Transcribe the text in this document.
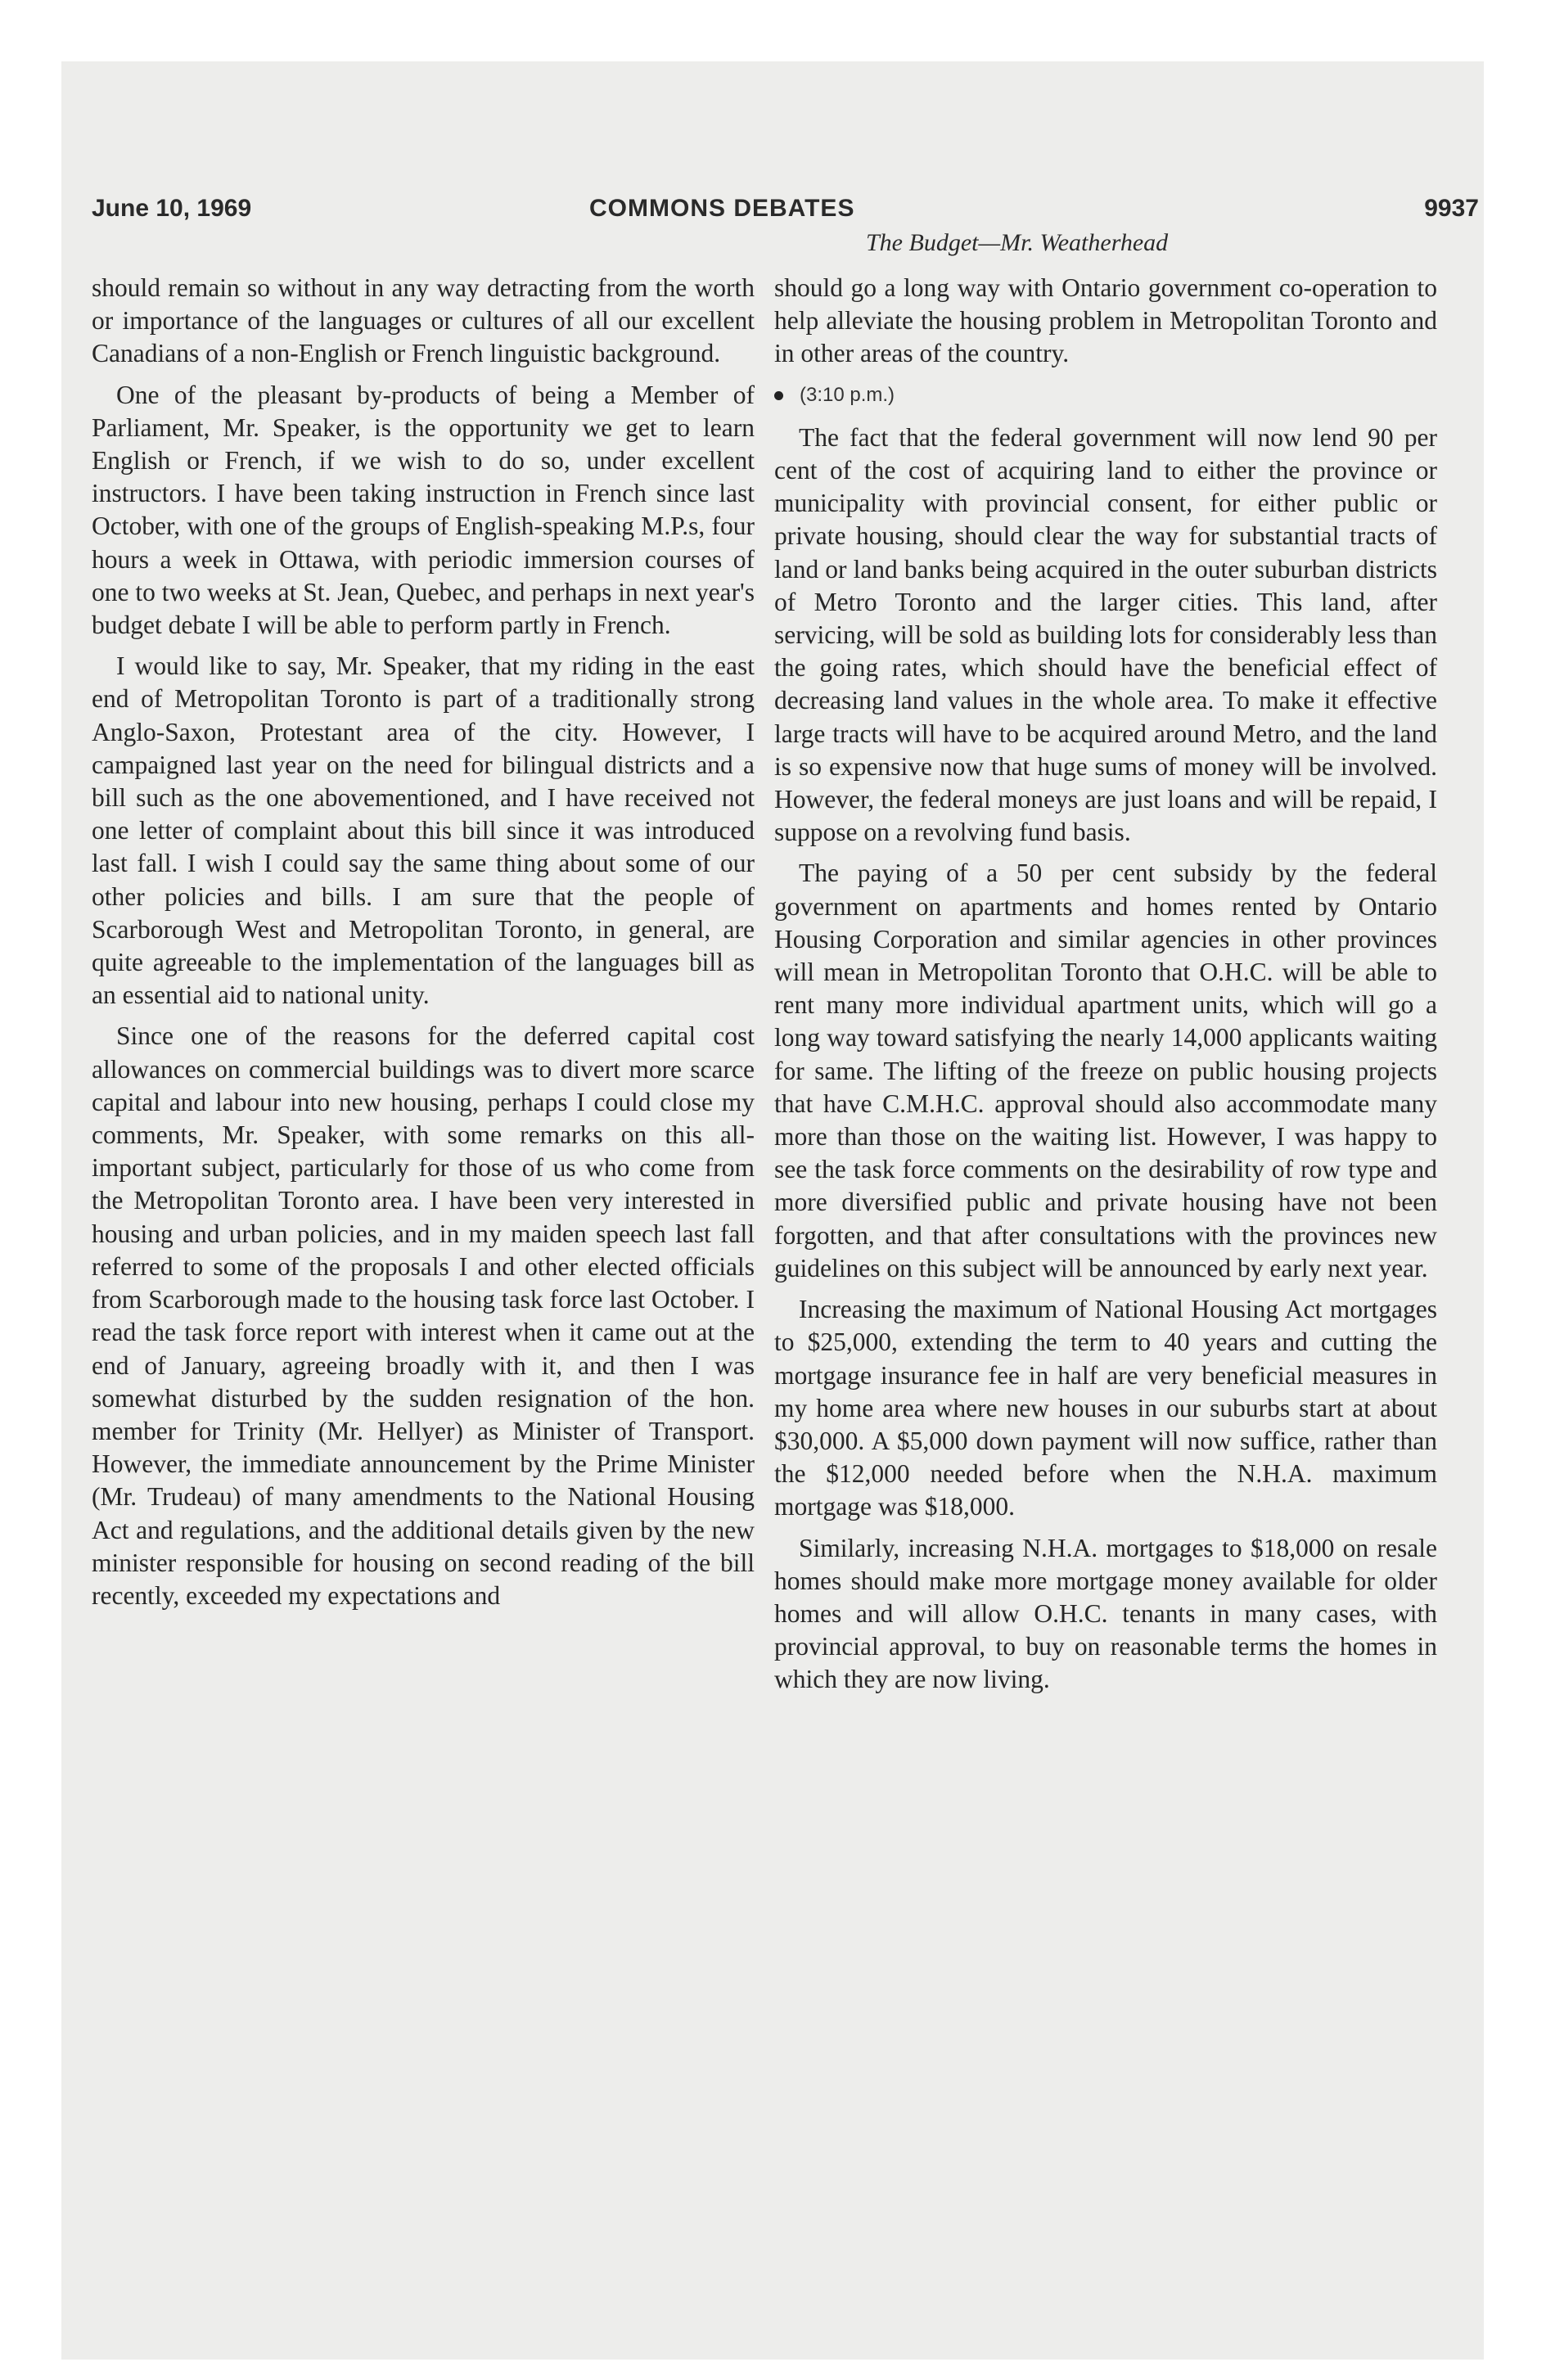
June 10, 1969	COMMONS DEBATES	9937
The Budget—Mr. Weatherhead

should remain so without in any way detracting from the worth or importance of the languages or cultures of all our excellent Canadians of a non-English or French linguistic background.

One of the pleasant by-products of being a Member of Parliament, Mr. Speaker, is the opportunity we get to learn English or French, if we wish to do so, under excellent instructors. I have been taking instruction in French since last October, with one of the groups of English-speaking M.P.s, four hours a week in Ottawa, with periodic immersion courses of one to two weeks at St. Jean, Quebec, and perhaps in next year's budget debate I will be able to perform partly in French.

I would like to say, Mr. Speaker, that my riding in the east end of Metropolitan Toronto is part of a traditionally strong Anglo-Saxon, Protestant area of the city. However, I campaigned last year on the need for bilingual districts and a bill such as the one abovementioned, and I have received not one letter of complaint about this bill since it was introduced last fall. I wish I could say the same thing about some of our other policies and bills. I am sure that the people of Scarborough West and Metropolitan Toronto, in general, are quite agreeable to the implementation of the languages bill as an essential aid to national unity.

Since one of the reasons for the deferred capital cost allowances on commercial buildings was to divert more scarce capital and labour into new housing, perhaps I could close my comments, Mr. Speaker, with some remarks on this all-important subject, particularly for those of us who come from the Metropolitan Toronto area. I have been very interested in housing and urban policies, and in my maiden speech last fall referred to some of the proposals I and other elected officials from Scarborough made to the housing task force last October. I read the task force report with interest when it came out at the end of January, agreeing broadly with it, and then I was somewhat disturbed by the sudden resignation of the hon. member for Trinity (Mr. Hellyer) as Minister of Transport. However, the immediate announcement by the Prime Minister (Mr. Trudeau) of many amendments to the National Housing Act and regulations, and the additional details given by the new minister responsible for housing on second reading of the bill recently, exceeded my expectations and

should go a long way with Ontario government co-operation to help alleviate the housing problem in Metropolitan Toronto and in other areas of the country.

(3:10 p.m.)

The fact that the federal government will now lend 90 per cent of the cost of acquiring land to either the province or municipality with provincial consent, for either public or private housing, should clear the way for substantial tracts of land or land banks being acquired in the outer suburban districts of Metro Toronto and the larger cities. This land, after servicing, will be sold as building lots for considerably less than the going rates, which should have the beneficial effect of decreasing land values in the whole area. To make it effective large tracts will have to be acquired around Metro, and the land is so expensive now that huge sums of money will be involved. However, the federal moneys are just loans and will be repaid, I suppose on a revolving fund basis.

The paying of a 50 per cent subsidy by the federal government on apartments and homes rented by Ontario Housing Corporation and similar agencies in other provinces will mean in Metropolitan Toronto that O.H.C. will be able to rent many more individual apartment units, which will go a long way toward satisfying the nearly 14,000 applicants waiting for same. The lifting of the freeze on public housing projects that have C.M.H.C. approval should also accommodate many more than those on the waiting list. However, I was happy to see the task force comments on the desirability of row type and more diversified public and private housing have not been forgotten, and that after consultations with the provinces new guidelines on this subject will be announced by early next year.

Increasing the maximum of National Housing Act mortgages to $25,000, extending the term to 40 years and cutting the mortgage insurance fee in half are very beneficial measures in my home area where new houses in our suburbs start at about $30,000. A $5,000 down payment will now suffice, rather than the $12,000 needed before when the N.H.A. maximum mortgage was $18,000.

Similarly, increasing N.H.A. mortgages to $18,000 on resale homes should make more mortgage money available for older homes and will allow O.H.C. tenants in many cases, with provincial approval, to buy on reasonable terms the homes in which they are now living.
